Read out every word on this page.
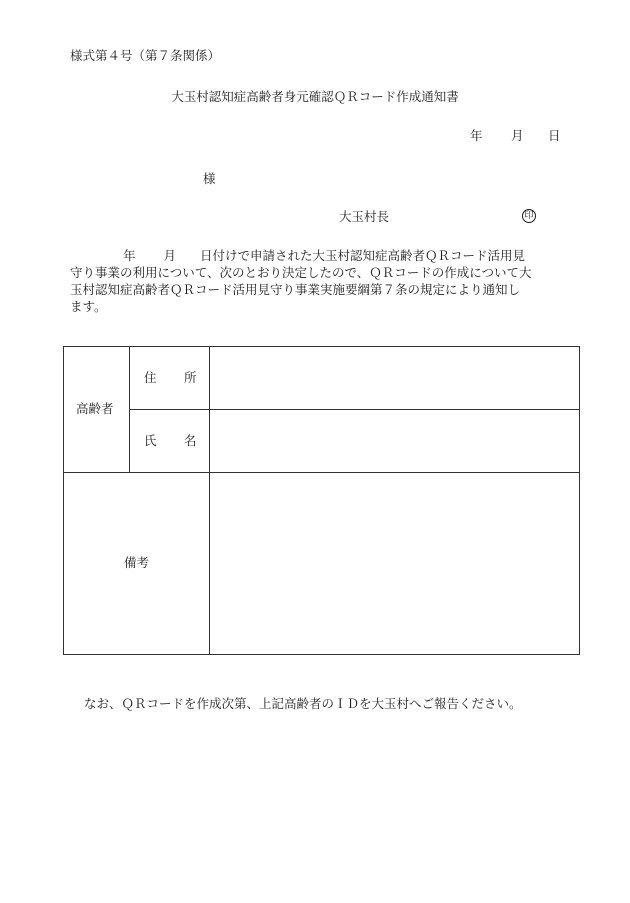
様式第４号（第７条関係）
大玉村認知症高齢者身元確認ＱＲコード作成通知書
年 月 日
様
大玉村長	印
年 月 日付けで申請された大玉村認知症高齢者ＱＲコード活用見
守り事業の利用について、次のとおり決定したので、ＱＲコードの作成について大
玉村認知症高齢者ＱＲコード活用見守り事業実施要綱第７条の規定により通知し
ます。
高齢者
住 所
氏 名
備考
なお、ＱＲコードを作成次第、上記高齢者のＩＤを大玉村へご報告ください。
